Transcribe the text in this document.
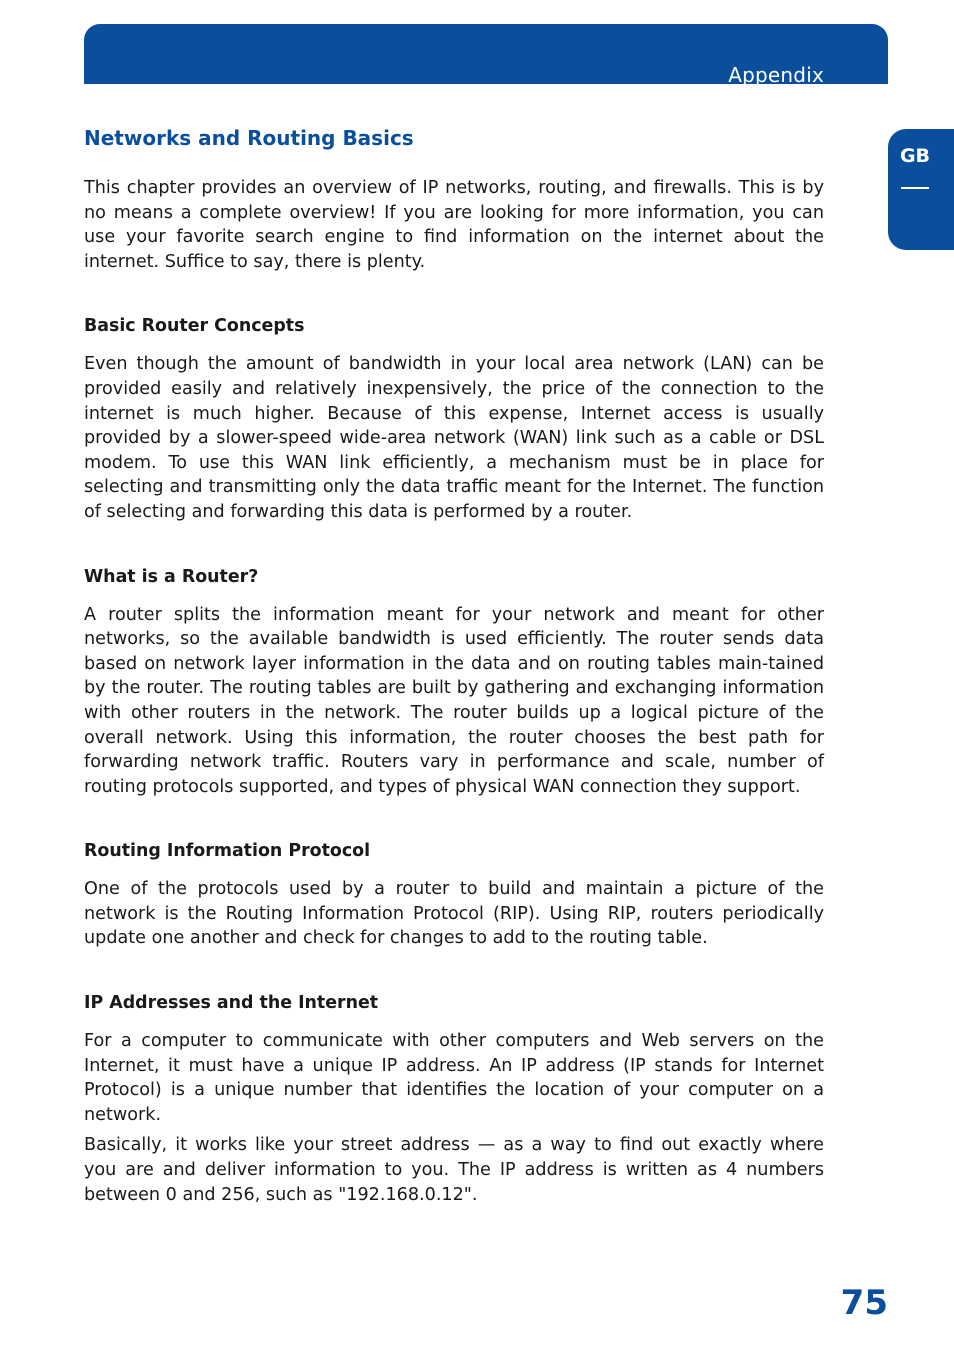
Appendix
GB
Networks and Routing Basics

This chapter provides an overview of IP networks, routing, and firewalls. This is by no means a complete overview! If you are looking for more information, you can use your favorite search engine to find information on the internet about the internet. Suffice to say, there is plenty.

Basic Router Concepts

Even though the amount of bandwidth in your local area network (LAN) can be provided easily and relatively inexpensively, the price of the connection to the internet is much higher. Because of this expense, Internet access is usually provided by a slower-speed wide-area network (WAN) link such as a cable or DSL modem. To use this WAN link efficiently, a mechanism must be in place for selecting and transmitting only the data traffic meant for the Internet. The function of selecting and forwarding this data is performed by a router.

What is a Router?

A router splits the information meant for your network and meant for other networks, so the available bandwidth is used efficiently. The router sends data based on network layer information in the data and on routing tables main-tained by the router. The routing tables are built by gathering and exchanging information with other routers in the network. The router builds up a logical picture of the overall network. Using this information, the router chooses the best path for forwarding network traffic. Routers vary in performance and scale, number of routing protocols supported, and types of physical WAN connection they support.

Routing Information Protocol

One of the protocols used by a router to build and maintain a picture of the network is the Routing Information Protocol (RIP). Using RIP, routers periodically update one another and check for changes to add to the routing table.

IP Addresses and the Internet

For a computer to communicate with other computers and Web servers on the Internet, it must have a unique IP address. An IP address (IP stands for Internet Protocol) is a unique number that identifies the location of your computer on a network.

Basically, it works like your street address — as a way to find out exactly where you are and deliver information to you. The IP address is written as 4 numbers between 0 and 256, such as "192.168.0.12".

75
